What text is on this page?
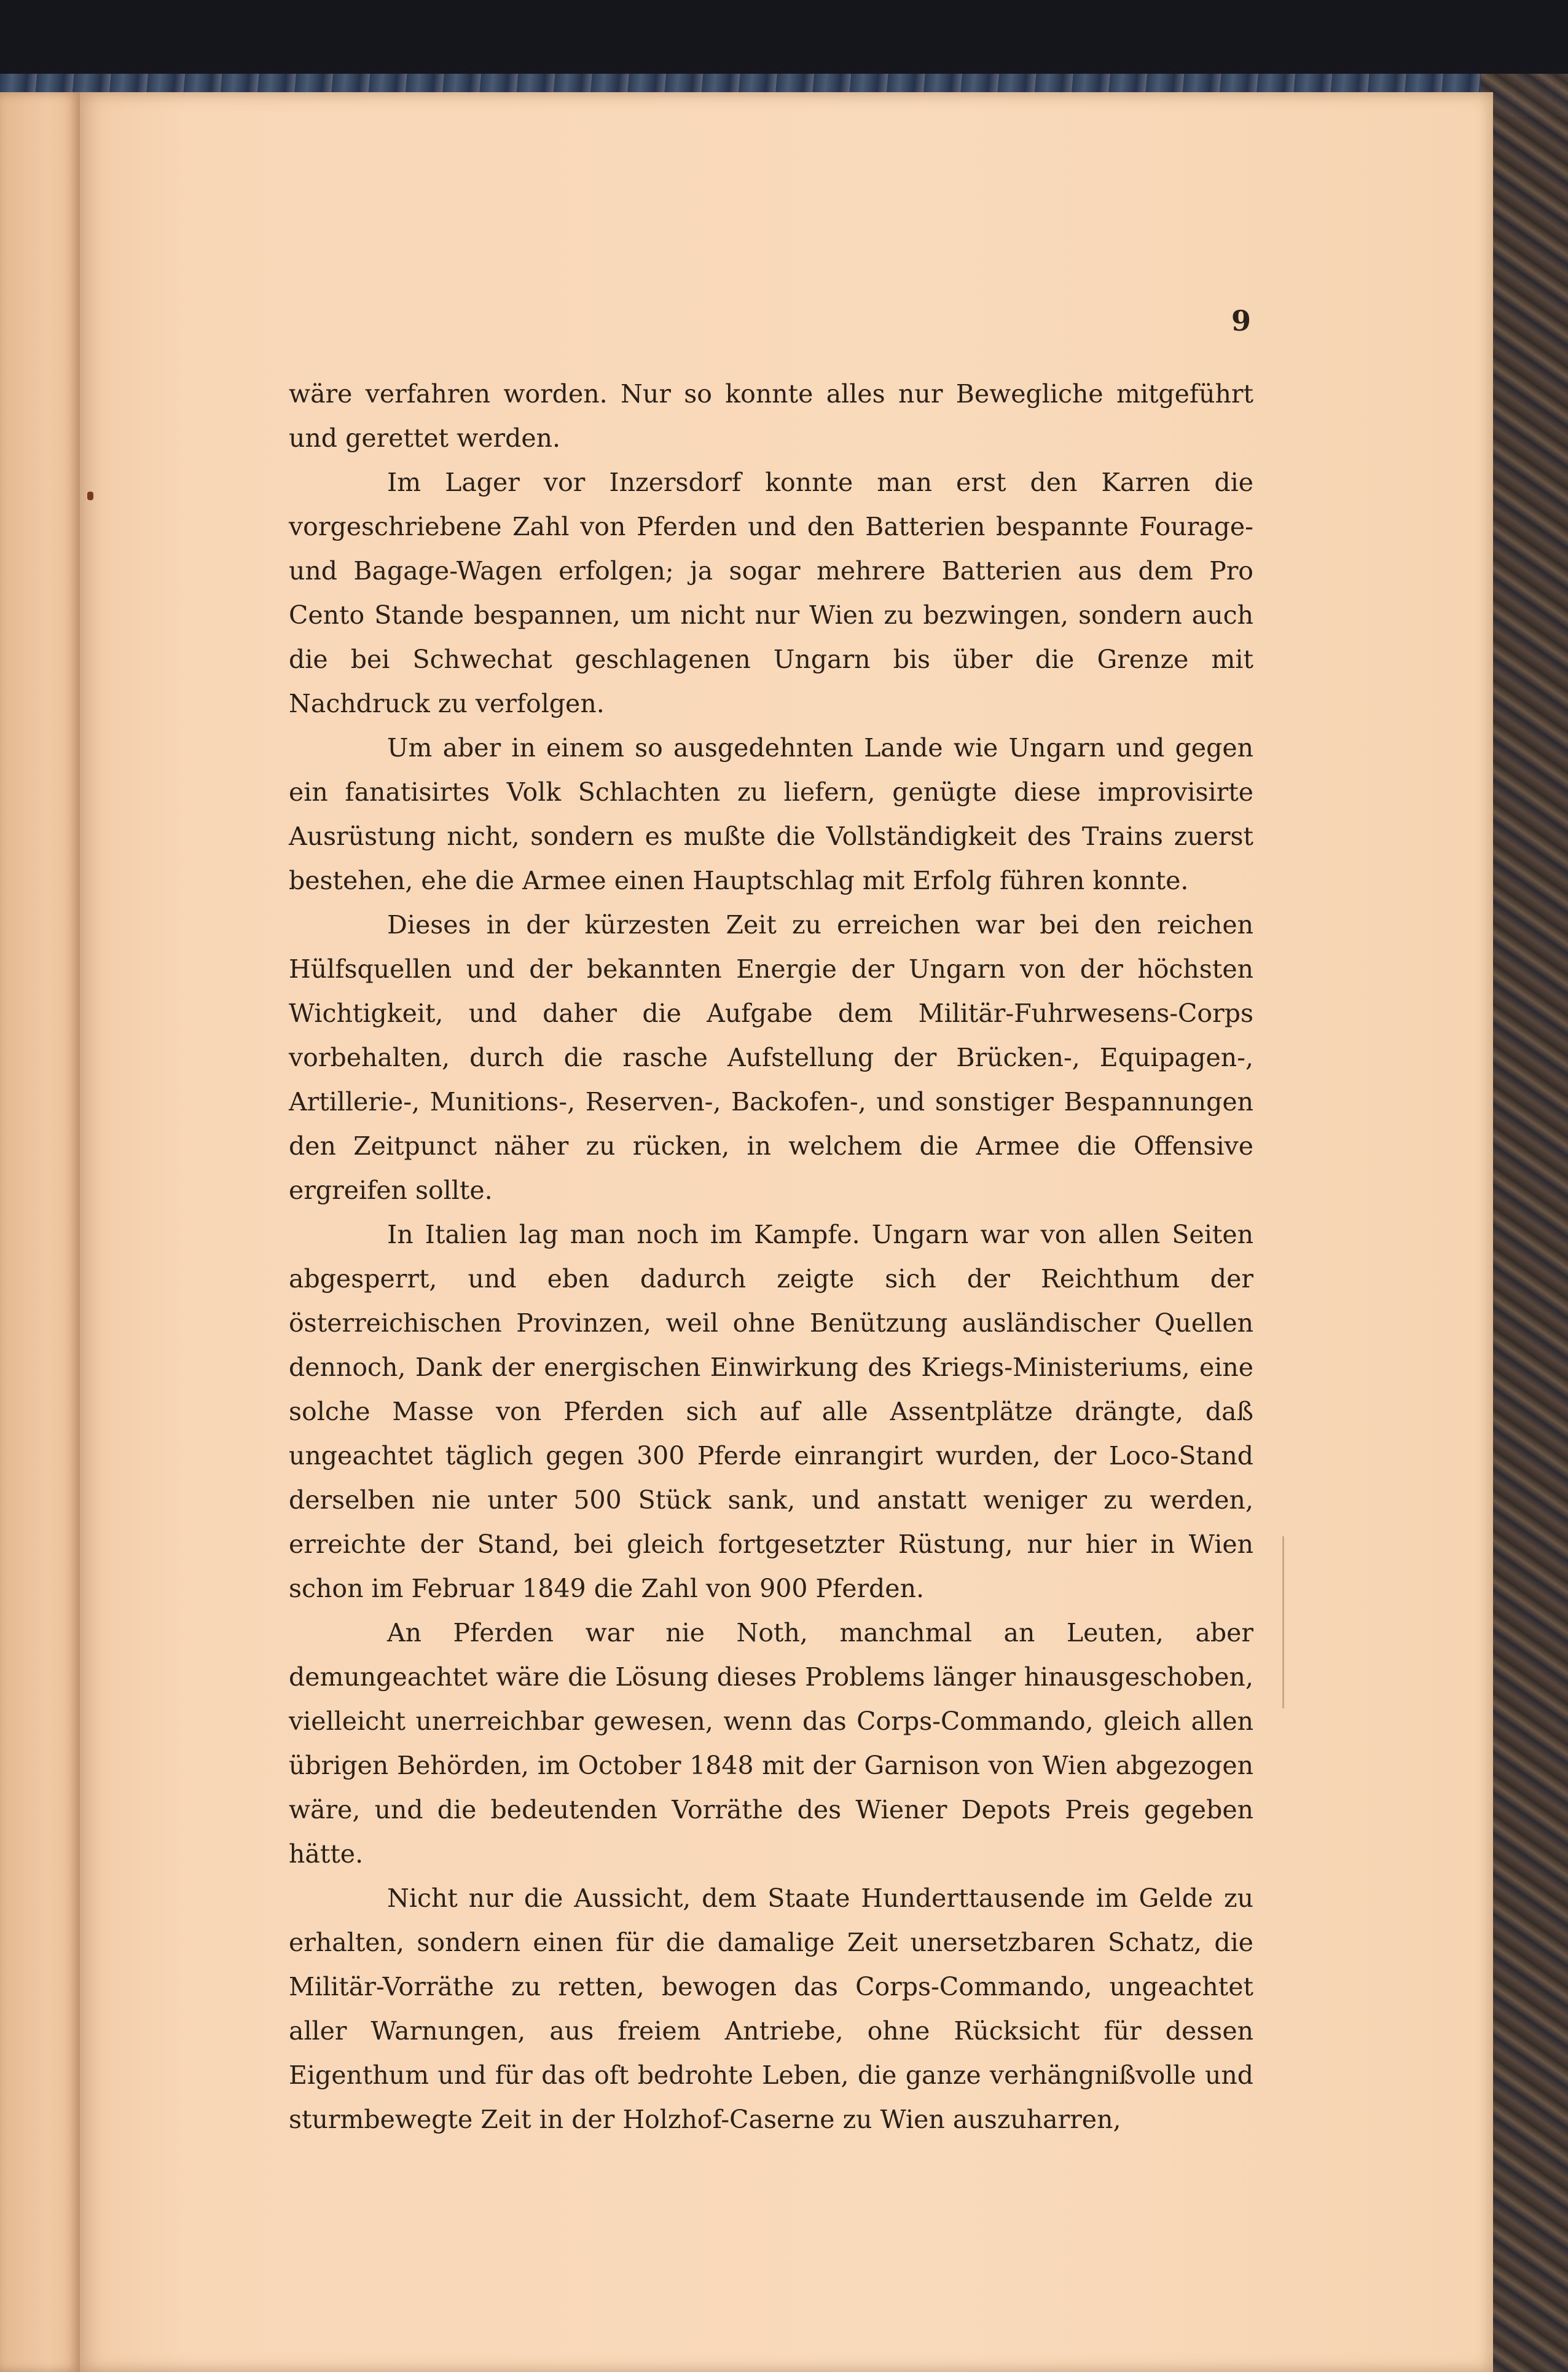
9

wäre verfahren worden. Nur so konnte alles nur Bewegliche mitgeführt und gerettet werden.

Im Lager vor Inzersdorf konnte man erst den Karren die vorgeschriebene Zahl von Pferden und den Batterien bespannte Fourage- und Bagage-Wagen erfolgen; ja sogar mehrere Batterien aus dem Pro Cento Stande bespannen, um nicht nur Wien zu bezwingen, sondern auch die bei Schwechat geschlagenen Ungarn bis über die Grenze mit Nachdruck zu verfolgen.

Um aber in einem so ausgedehnten Lande wie Ungarn und gegen ein fanatisirtes Volk Schlachten zu liefern, genügte diese improvisirte Ausrüstung nicht, sondern es mußte die Vollständigkeit des Trains zuerst bestehen, ehe die Armee einen Hauptschlag mit Erfolg führen konnte.

Dieses in der kürzesten Zeit zu erreichen war bei den reichen Hülfsquellen und der bekannten Energie der Ungarn von der höchsten Wichtigkeit, und daher die Aufgabe dem Militär-Fuhrwesens-Corps vorbehalten, durch die rasche Aufstellung der Brücken-, Equipagen-, Artillerie-, Munitions-, Reserven-, Backofen-, und sonstiger Bespannungen den Zeitpunct näher zu rücken, in welchem die Armee die Offensive ergreifen sollte.

In Italien lag man noch im Kampfe. Ungarn war von allen Seiten abgesperrt, und eben dadurch zeigte sich der Reichthum der österreichischen Provinzen, weil ohne Benützung ausländischer Quellen dennoch, Dank der energischen Einwirkung des Kriegs-Ministeriums, eine solche Masse von Pferden sich auf alle Assentplätze drängte, daß ungeachtet täglich gegen 300 Pferde einrangirt wurden, der Loco-Stand derselben nie unter 500 Stück sank, und anstatt weniger zu werden, erreichte der Stand, bei gleich fortgesetzter Rüstung, nur hier in Wien schon im Februar 1849 die Zahl von 900 Pferden.

An Pferden war nie Noth, manchmal an Leuten, aber demungeachtet wäre die Lösung dieses Problems länger hinausgeschoben, vielleicht unerreichbar gewesen, wenn das Corps-Commando, gleich allen übrigen Behörden, im October 1848 mit der Garnison von Wien abgezogen wäre, und die bedeutenden Vorräthe des Wiener Depots Preis gegeben hätte.

Nicht nur die Aussicht, dem Staate Hunderttausende im Gelde zu erhalten, sondern einen für die damalige Zeit unersetzbaren Schatz, die Militär-Vorräthe zu retten, bewogen das Corps-Commando, ungeachtet aller Warnungen, aus freiem Antriebe, ohne Rücksicht für dessen Eigenthum und für das oft bedrohte Leben, die ganze verhängnißvolle und sturmbewegte Zeit in der Holzhof-Caserne zu Wien auszuharren,
